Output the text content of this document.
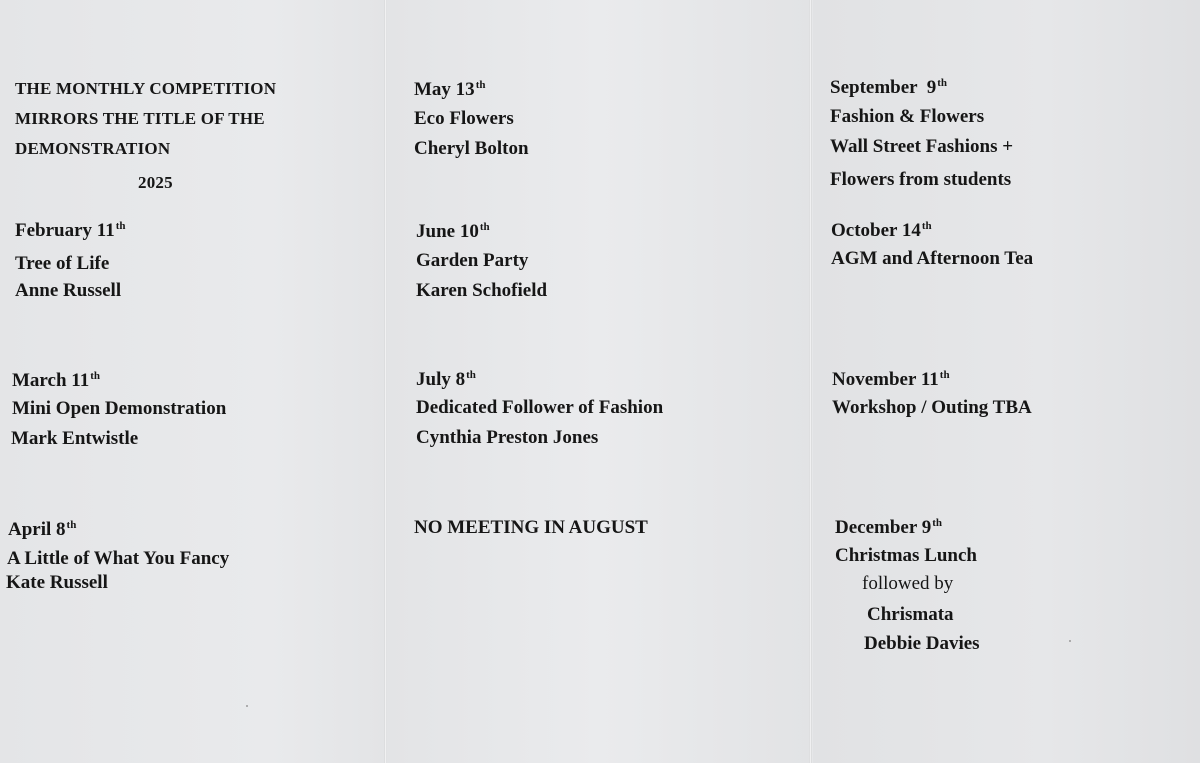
THE MONTHLY COMPETITION

MIRRORS THE TITLE OF THE

DEMONSTRATION

2025

February 11th

Tree of Life

Anne Russell

March 11th

Mini Open Demonstration

Mark Entwistle

April 8th

A Little of What You Fancy

Kate Russell

May 13th

Eco Flowers

Cheryl Bolton

June 10th

Garden Party

Karen Schofield

July 8th

Dedicated Follower of Fashion

Cynthia Preston Jones

NO MEETING IN AUGUST

September  9th

Fashion & Flowers

Wall Street Fashions +

Flowers from students

October 14th

AGM and Afternoon Tea

November 11th

Workshop / Outing TBA

December 9th

Christmas Lunch

followed by

Chrismata

Debbie Davies
